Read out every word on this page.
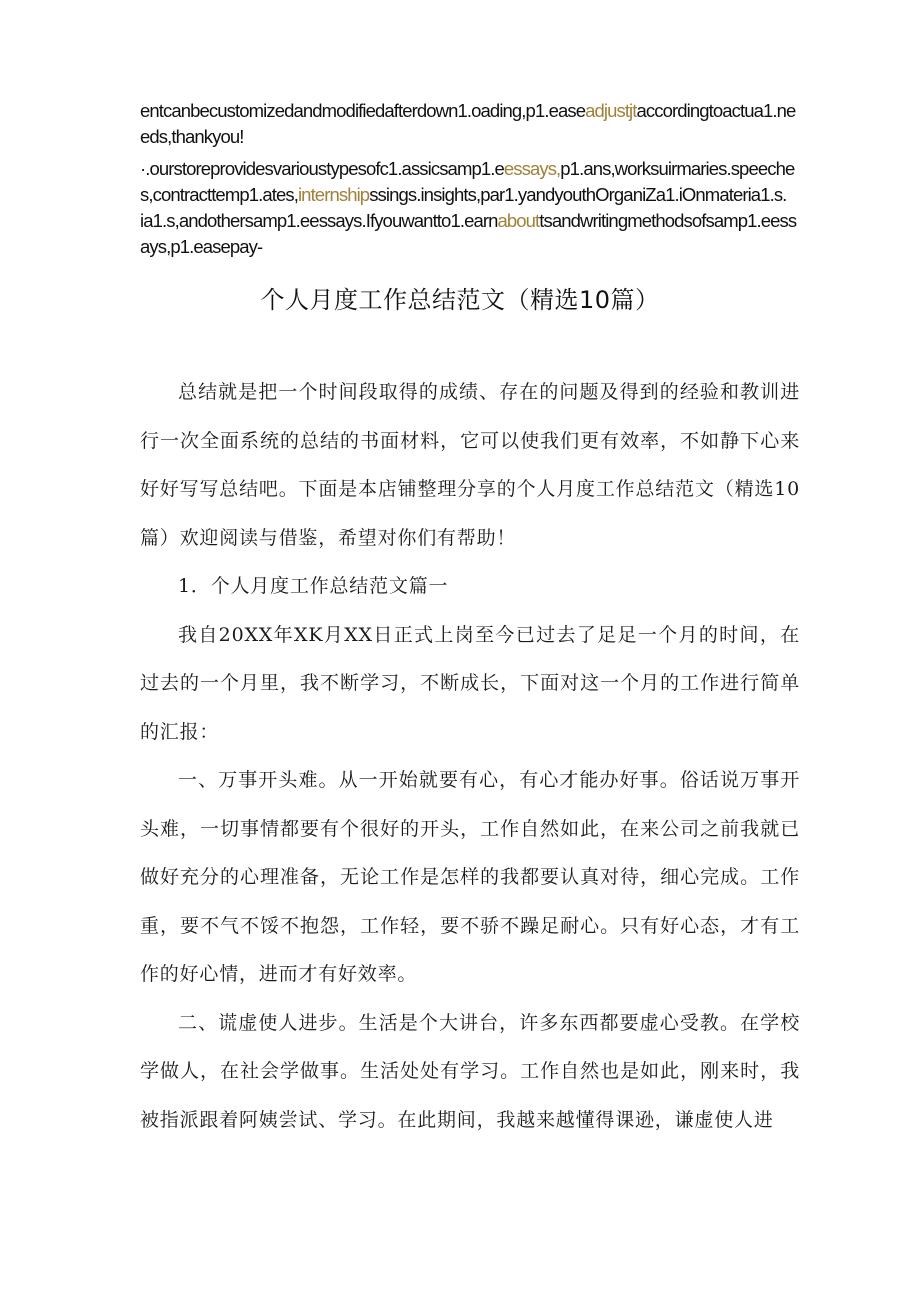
entcanbecustomizedandmodifiedafterdown1.oading,p1.easeadjustjtaccordingtoactua1.needs,thankyou!

·.ourstoreprovidesvarioustypesofc1.assicsamp1.eessays,p1.ans,worksuirmaries.speeches,contracttemp1.ates,internshipssings.insights,par1.yandyouthOrganiZa1.iOnmateria1.s.
ia1.s,andothersamp1.eessays.Ifyouwantto1.earnabouttsandwritingmethodsofsamp1.eessays,p1.easepay-

个人月度工作总结范文（精选10篇）

总结就是把一个时间段取得的成绩、存在的问题及得到的经验和教训进行一次全面系统的总结的书面材料，它可以使我们更有效率，不如静下心来好好写写总结吧。下面是本店铺整理分享的个人月度工作总结范文（精选10篇）欢迎阅读与借鉴，希望对你们有帮助！

1．个人月度工作总结范文篇一

我自20XX年XK月XX日正式上岗至今已过去了足足一个月的时间，在过去的一个月里，我不断学习，不断成长，下面对这一个月的工作进行简单的汇报：

一、万事开头难。从一开始就要有心，有心才能办好事。俗话说万事开头难，一切事情都要有个很好的开头，工作自然如此，在来公司之前我就已做好充分的心理准备，无论工作是怎样的我都要认真对待，细心完成。工作重，要不气不馁不抱怨，工作轻，要不骄不躁足耐心。只有好心态，才有工作的好心情，进而才有好效率。

二、谎虚使人进步。生活是个大讲台，许多东西都要虚心受教。在学校学做人，在社会学做事。生活处处有学习。工作自然也是如此，刚来时，我被指派跟着阿姨尝试、学习。在此期间，我越来越懂得课逊，谦虚使人进
